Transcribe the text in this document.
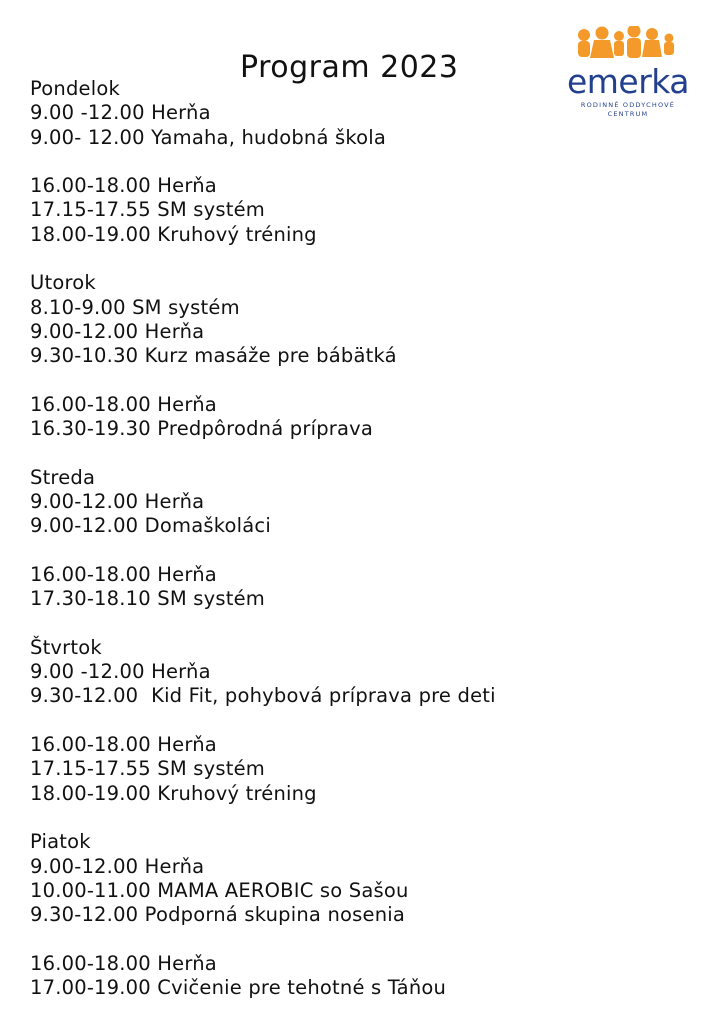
Program 2023	emerka
RODINNÉ ODDYCHOVÉ
CENTRUM
Pondelok
9.00 -12.00 Herňa
9.00- 12.00 Yamaha, hudobná škola
16.00-18.00 Herňa
17.15-17.55 SM systém
18.00-19.00 Kruhový tréning
Utorok
8.10-9.00 SM systém
9.00-12.00 Herňa
9.30-10.30 Kurz masáže pre bábätká
16.00-18.00 Herňa
16.30-19.30 Predpôrodná príprava
Streda
9.00-12.00 Herňa
9.00-12.00 Domaškoláci
16.00-18.00 Herňa
17.30-18.10 SM systém
Štvrtok
9.00 -12.00 Herňa
9.30-12.00  Kid Fit, pohybová príprava pre deti
16.00-18.00 Herňa
17.15-17.55 SM systém
18.00-19.00 Kruhový tréning
Piatok
9.00-12.00 Herňa
10.00-11.00 MAMA AEROBIC so Sašou
9.30-12.00 Podporná skupina nosenia
16.00-18.00 Herňa
17.00-19.00 Cvičenie pre tehotné s Táňou
